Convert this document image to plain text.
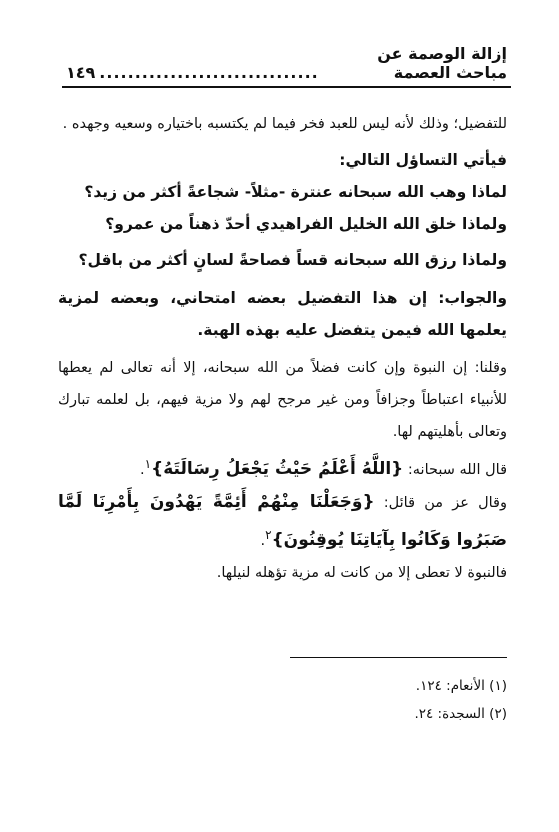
إزالة الوصمة عن مباحث العصمة
...............................
١٤٩

للتفضيل؛ وذلك لأنه ليس للعبد فخر فيما لم يكتسبه باختياره وسعيه وجهده .

فيأتي التساؤل التالي:

لماذا وهب الله سبحانه عنترة -مثلاً- شجاعةً أكثر من زيد؟

ولماذا خلق الله الخليل الفراهيدي أحدّ ذهناً من عمرو؟

ولماذا رزق الله سبحانه قساً فصاحةً لسانٍ أكثر من باقل؟

والجواب: إن هذا التفضيل بعضه امتحاني، وبعضه لمزية يعلمها الله فيمن يتفضل عليه بهذه الهبة.

وقلنا: إن النبوة وإن كانت فضلاً من الله سبحانه، إلا أنه تعالى لم يعطها للأنبياء اعتباطاً وجزافاً ومن غير مرجح لهم ولا مزية فيهم، بل لعلمه تبارك وتعالى بأهليتهم لها.

قال الله سبحانه: {اللَّهُ أَعْلَمُ حَيْثُ يَجْعَلُ رِسَالَتَهُ}$^١$.

وقال عز من قائل: {وَجَعَلْنَا مِنْهُمْ أَئِمَّةً يَهْدُونَ بِأَمْرِنَا لَمَّا صَبَرُوا وَكَانُوا بِآيَاتِنَا يُوقِنُونَ}$^٢$.

فالنبوة لا تعطى إلا من كانت له مزية تؤهله لنيلها.

(١) الأنعام: ١٢٤.

(٢) السجدة: ٢٤.
